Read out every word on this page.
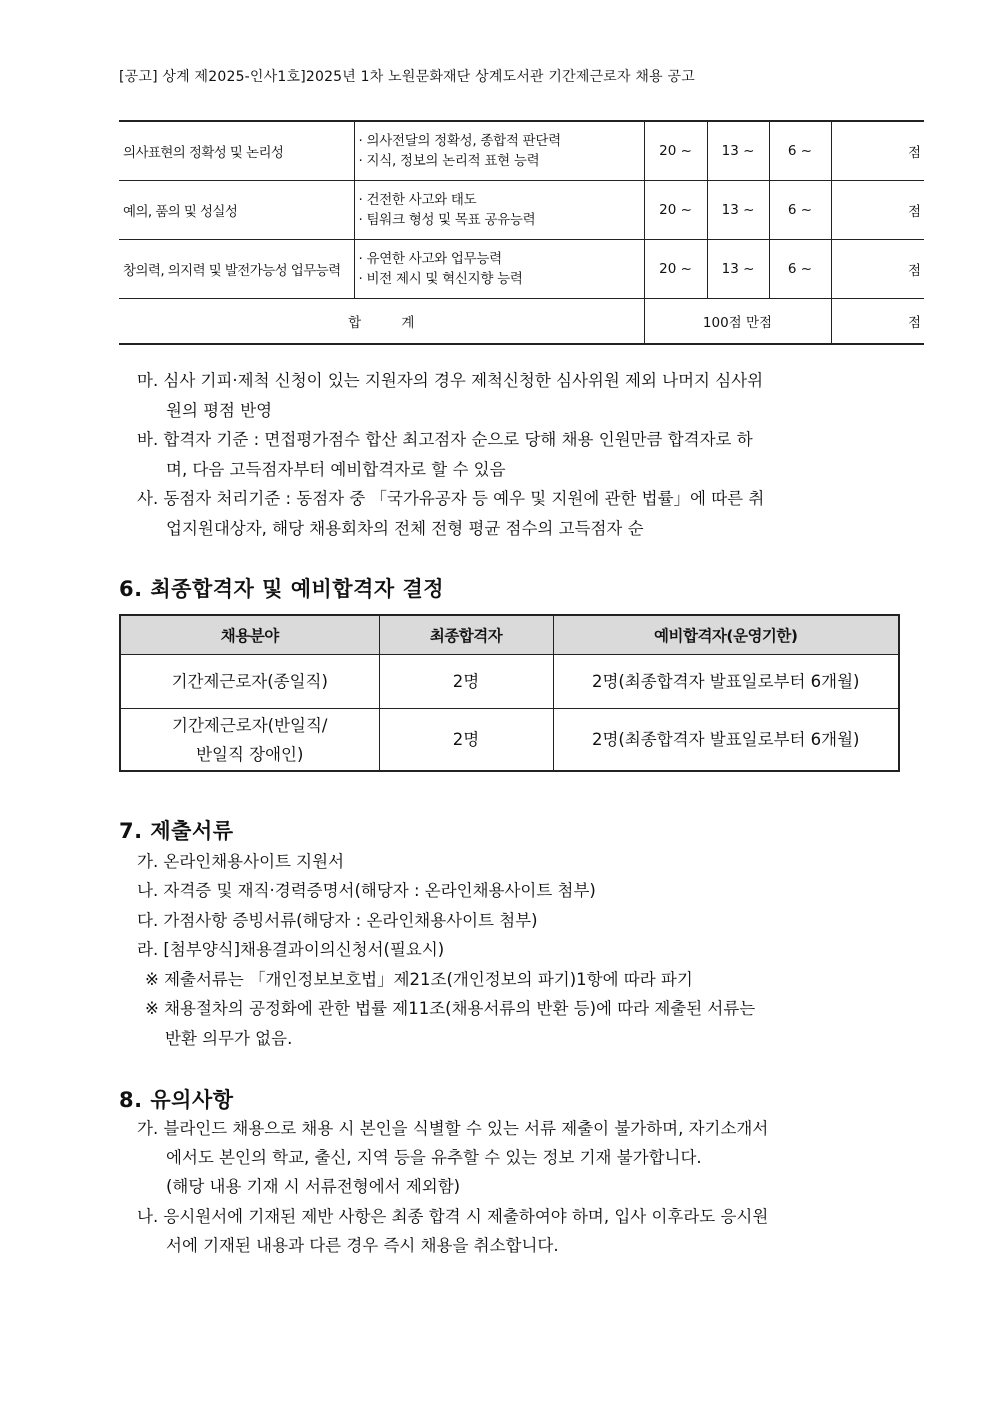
[공고] 상계 제2025-인사1호]2025년 1차 노원문화재단 상계도서관 기간제근로자 채용 공고
의사표현의 정확성 및 논리성	· 의사전달의 정확성, 종합적 판단력
· 지식, 정보의 논리적 표현 능력	20 ~	13 ~	6 ~	점
예의, 품의 및 성실성	· 건전한 사고와 태도
· 팀워크 형성 및 목표 공유능력	20 ~	13 ~	6 ~	점
창의력, 의지력 및 발전가능성 업무능력	· 유연한 사고와 업무능력
· 비전 제시 및 혁신지향 능력	20 ~	13 ~	6 ~	점
합 계		100점 만점			점
마. 심사 기피·제척 신청이 있는 지원자의 경우 제척신청한 심사위원 제외 나머지 심사위
원의 평점 반영
바. 합격자 기준 : 면접평가점수 합산 최고점자 순으로 당해 채용 인원만큼 합격자로 하
며, 다음 고득점자부터 예비합격자로 할 수 있음
사. 동점자 처리기준 : 동점자 중 「국가유공자 등 예우 및 지원에 관한 법률」에 따른 취
업지원대상자, 해당 채용회차의 전체 전형 평균 점수의 고득점자 순
6. 최종합격자 및 예비합격자 결정
채용분야	최종합격자	예비합격자(운영기한)
기간제근로자(종일직)	2명	2명(최종합격자 발표일로부터 6개월)

기간제근로자(반일직/
반일직 장애인)	2명	2명(최종합격자 발표일로부터 6개월)
7. 제출서류
가. 온라인채용사이트 지원서
나. 자격증 및 재직·경력증명서(해당자 : 온라인채용사이트 첨부)
다. 가점사항 증빙서류(해당자 : 온라인채용사이트 첨부)
라. [첨부양식]채용결과이의신청서(필요시)
※ 제출서류는 「개인정보보호법」제21조(개인정보의 파기)1항에 따라 파기
※ 채용절차의 공정화에 관한 법률 제11조(채용서류의 반환 등)에 따라 제출된 서류는
반환 의무가 없음.
8. 유의사항
가. 블라인드 채용으로 채용 시 본인을 식별할 수 있는 서류 제출이 불가하며, 자기소개서
에서도 본인의 학교, 출신, 지역 등을 유추할 수 있는 정보 기재 불가합니다.
(해당 내용 기재 시 서류전형에서 제외함)
나. 응시원서에 기재된 제반 사항은 최종 합격 시 제출하여야 하며, 입사 이후라도 응시원
서에 기재된 내용과 다른 경우 즉시 채용을 취소합니다.
